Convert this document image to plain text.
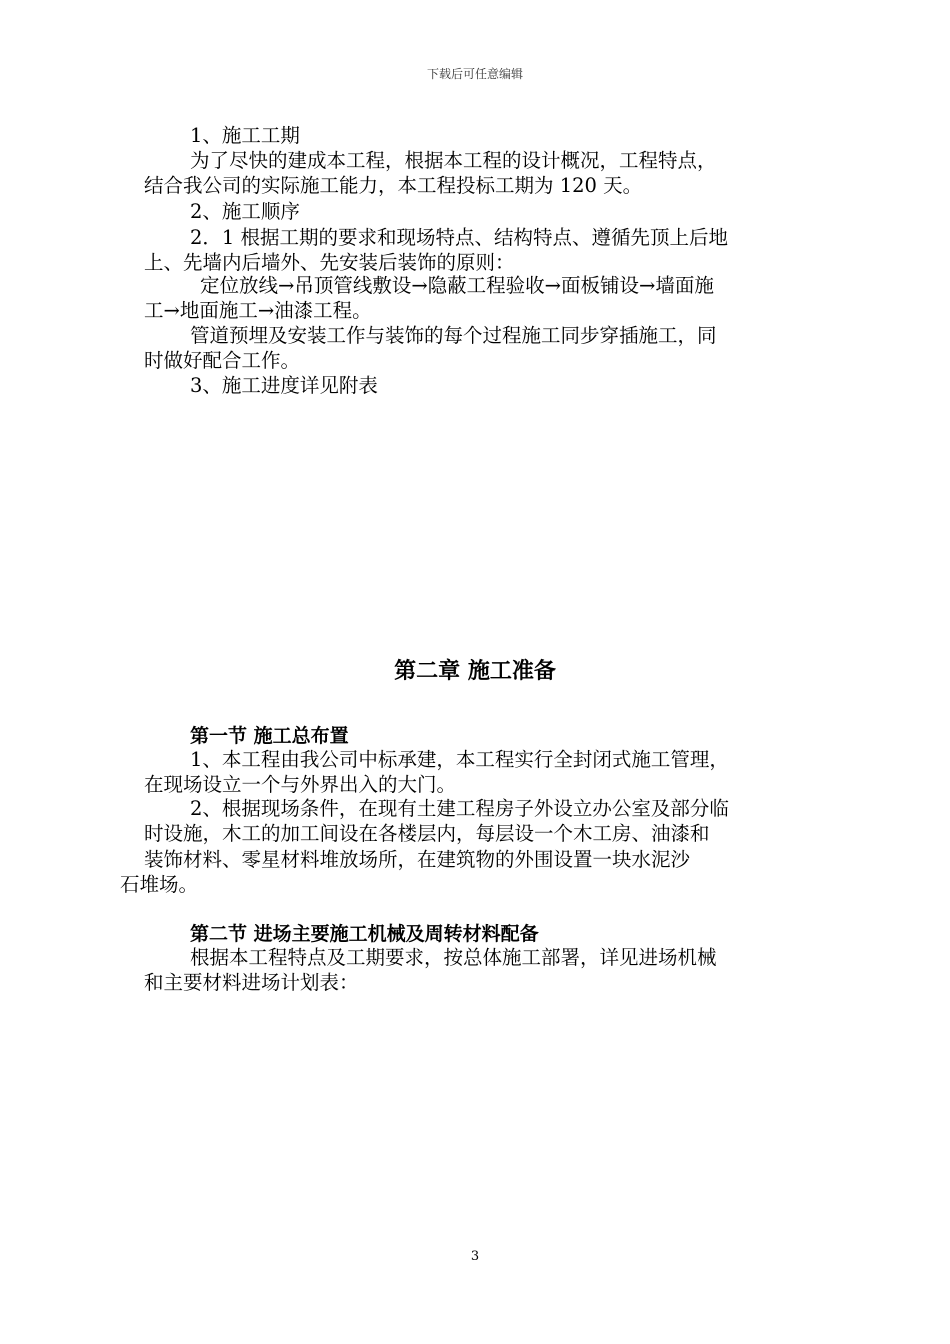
下载后可任意编辑
1、施工工期
为了尽快的建成本工程，根据本工程的设计概况，工程特点，
结合我公司的实际施工能力，本工程投标工期为 120 天。
2、施工顺序
2．1 根据工期的要求和现场特点、结构特点、遵循先顶上后地
上、先墙内后墙外、先安装后装饰的原则：
定位放线→吊顶管线敷设→隐蔽工程验收→面板铺设→墙面施
工→地面施工→油漆工程。
管道预埋及安装工作与装饰的每个过程施工同步穿插施工，同
时做好配合工作。
3、施工进度详见附表
第二章 施工准备
第一节 施工总布置
1、本工程由我公司中标承建，本工程实行全封闭式施工管理，
在现场设立一个与外界出入的大门。
2、根据现场条件，在现有土建工程房子外设立办公室及部分临
时设施，木工的加工间设在各楼层内，每层设一个木工房、油漆和
装饰材料、零星材料堆放场所，在建筑物的外围设置一块水泥沙
石堆场。
第二节 进场主要施工机械及周转材料配备
根据本工程特点及工期要求，按总体施工部署，详见进场机械
和主要材料进场计划表：
3
